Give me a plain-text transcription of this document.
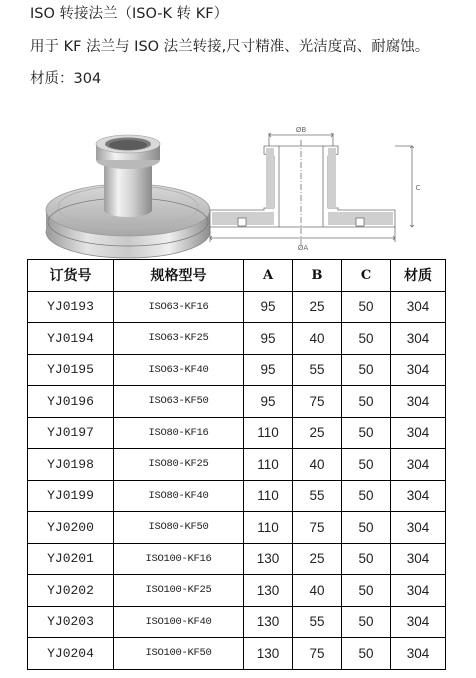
ISO 转接法兰（ISO-K 转 KF）
用于 KF 法兰与 ISO 法兰转接,尺寸精准、光洁度高、耐腐蚀。
材质：304
ØB
ØA
C
订货号	规格型号	A	B	C	材质
YJ0193	ISO63-KF16	95	25	50	304
YJ0194	ISO63-KF25	95	40	50	304
YJ0195	ISO63-KF40	95	55	50	304
YJ0196	ISO63-KF50	95	75	50	304
YJ0197	ISO80-KF16	110	25	50	304
YJ0198	ISO80-KF25	110	40	50	304
YJ0199	ISO80-KF40	110	55	50	304
YJ0200	ISO80-KF50	110	75	50	304
YJ0201	ISO100-KF16	130	25	50	304
YJ0202	ISO100-KF25	130	40	50	304
YJ0203	ISO100-KF40	130	55	50	304
YJ0204	ISO100-KF50	130	75	50	304
